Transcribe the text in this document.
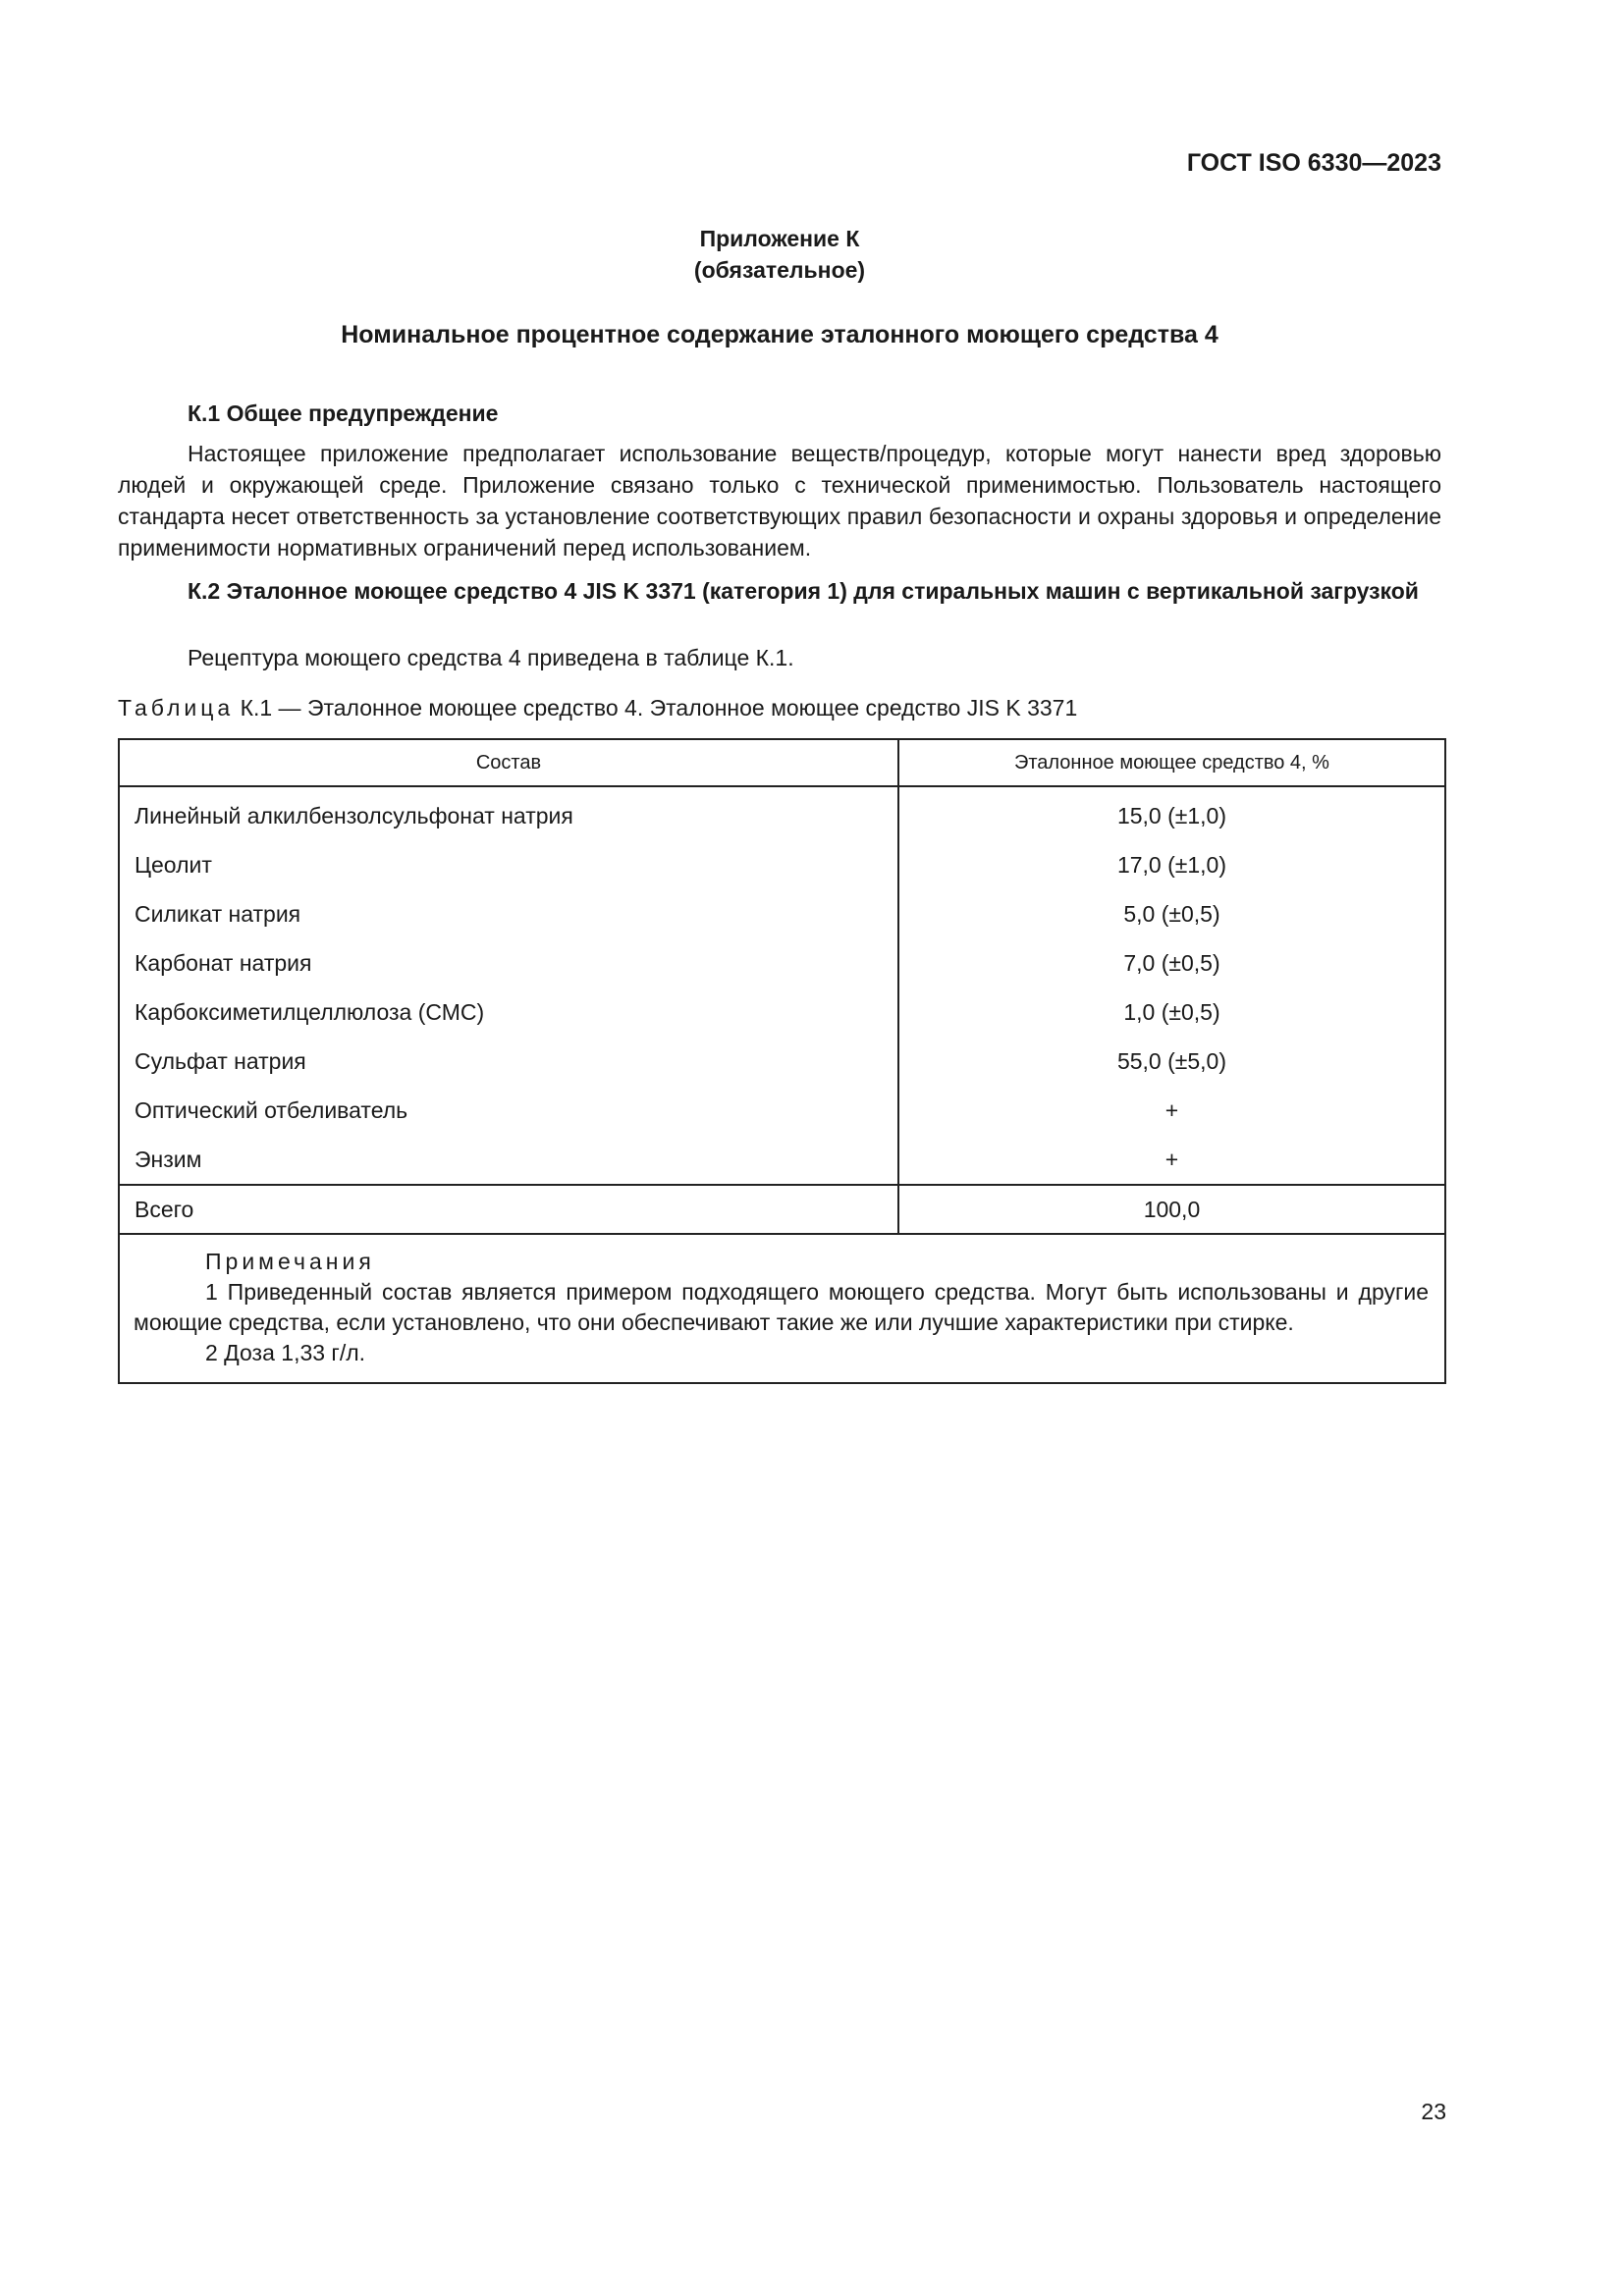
ГОСТ ISO 6330—2023
Приложение К
(обязательное)
Номинальное процентное содержание эталонного моющего средства 4
К.1 Общее предупреждение
Настоящее приложение предполагает использование веществ/процедур, которые могут нанести вред здоровью людей и окружающей среде. Приложение связано только с технической применимостью. Пользователь настоящего стандарта несет ответственность за установление соответствующих правил безопасности и охраны здоровья и определение применимости нормативных ограничений перед использованием.
К.2 Эталонное моющее средство 4 JIS K 3371 (категория 1) для стиральных машин с вертикальной загрузкой
Рецептура моющего средства 4 приведена в таблице К.1.
Таблица К.1 — Эталонное моющее средство 4. Эталонное моющее средство JIS K 3371
Состав	Эталонное моющее средство 4, %
Линейный алкилбензолсульфонат натрия	15,0 (±1,0)
Цеолит	17,0 (±1,0)
Силикат натрия	5,0 (±0,5)
Карбонат натрия	7,0 (±0,5)
Карбоксиметилцеллюлоза (СМС)	1,0 (±0,5)
Сульфат натрия	55,0 (±5,0)
Оптический отбеливатель	+
Энзим	+
Всего	100,0

Примечания
1 Приведенный состав является примером подходящего моющего средства. Могут быть использованы и другие моющие средства, если установлено, что они обеспечивают такие же или лучшие характеристики при стирке.
2 Доза 1,33 г/л.	
23
